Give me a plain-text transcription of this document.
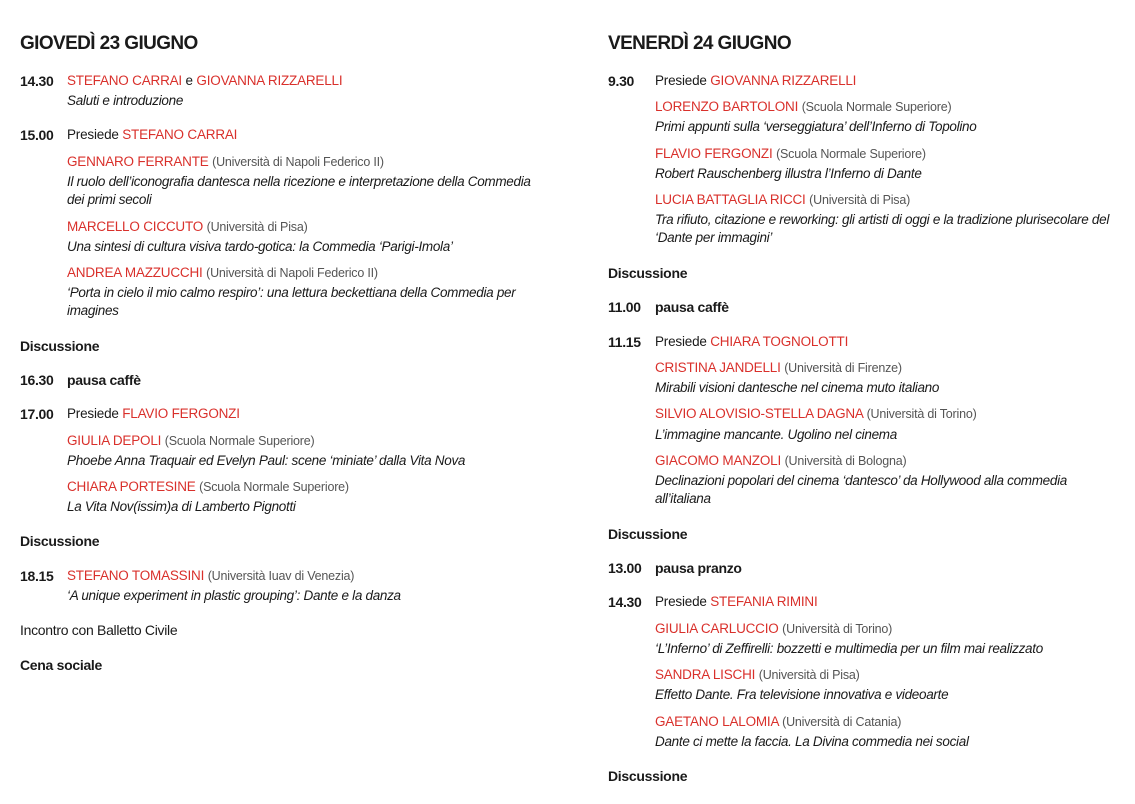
GIOVEDÌ 23 GIUGNO
14.30 STEFANO CARRAI e GIOVANNA RIZZARELLI
Saluti e introduzione
15.00 Presiede STEFANO CARRAI
GENNARO FERRANTE (Università di Napoli Federico II)
Il ruolo dell’iconografia dantesca nella ricezione e interpretazione della Commedia
dei primi secoli
MARCELLO CICCUTO (Università di Pisa)
Una sintesi di cultura visiva tardo-gotica: la Commedia ‘Parigi-Imola’
ANDREA MAZZUCCHI (Università di Napoli Federico II)
‘Porta in cielo il mio calmo respiro’: una lettura beckettiana della Commedia per
imagines
Discussione
16.30 pausa caffè
17.00 Presiede FLAVIO FERGONZI
GIULIA DEPOLI (Scuola Normale Superiore)
Phoebe Anna Traquair ed Evelyn Paul: scene ‘miniate’ dalla Vita Nova
CHIARA PORTESINE (Scuola Normale Superiore)
La Vita Nov(issim)a di Lamberto Pignotti
Discussione
18.15 STEFANO TOMASSINI (Università Iuav di Venezia)
‘A unique experiment in plastic grouping’: Dante e la danza
Incontro con Balletto Civile
Cena sociale
VENERDÌ 24 GIUGNO
9.30 Presiede GIOVANNA RIZZARELLI
LORENZO BARTOLONI (Scuola Normale Superiore)
Primi appunti sulla ‘verseggiatura’ dell’Inferno di Topolino
FLAVIO FERGONZI (Scuola Normale Superiore)
Robert Rauschenberg illustra l’Inferno di Dante
LUCIA BATTAGLIA RICCI (Università di Pisa)
Tra rifiuto, citazione e reworking: gli artisti di oggi e la tradizione plurisecolare del
‘Dante per immagini’
Discussione
11.00 pausa caffè
11.15 Presiede CHIARA TOGNOLOTTI
CRISTINA JANDELLI (Università di Firenze)
Mirabili visioni dantesche nel cinema muto italiano
SILVIO ALOVISIO-STELLA DAGNA (Università di Torino)
L’immagine mancante. Ugolino nel cinema
GIACOMO MANZOLI (Università di Bologna)
Declinazioni popolari del cinema ‘dantesco’ da Hollywood alla commedia
all’italiana
Discussione
13.00 pausa pranzo
14.30 Presiede STEFANIA RIMINI
GIULIA CARLUCCIO (Università di Torino)
‘L’Inferno’ di Zeffirelli: bozzetti e multimedia per un film mai realizzato
SANDRA LISCHI (Università di Pisa)
Effetto Dante. Fra televisione innovativa e videoarte
GAETANO LALOMIA (Università di Catania)
Dante ci mette la faccia. La Divina commedia nei social
Discussione
